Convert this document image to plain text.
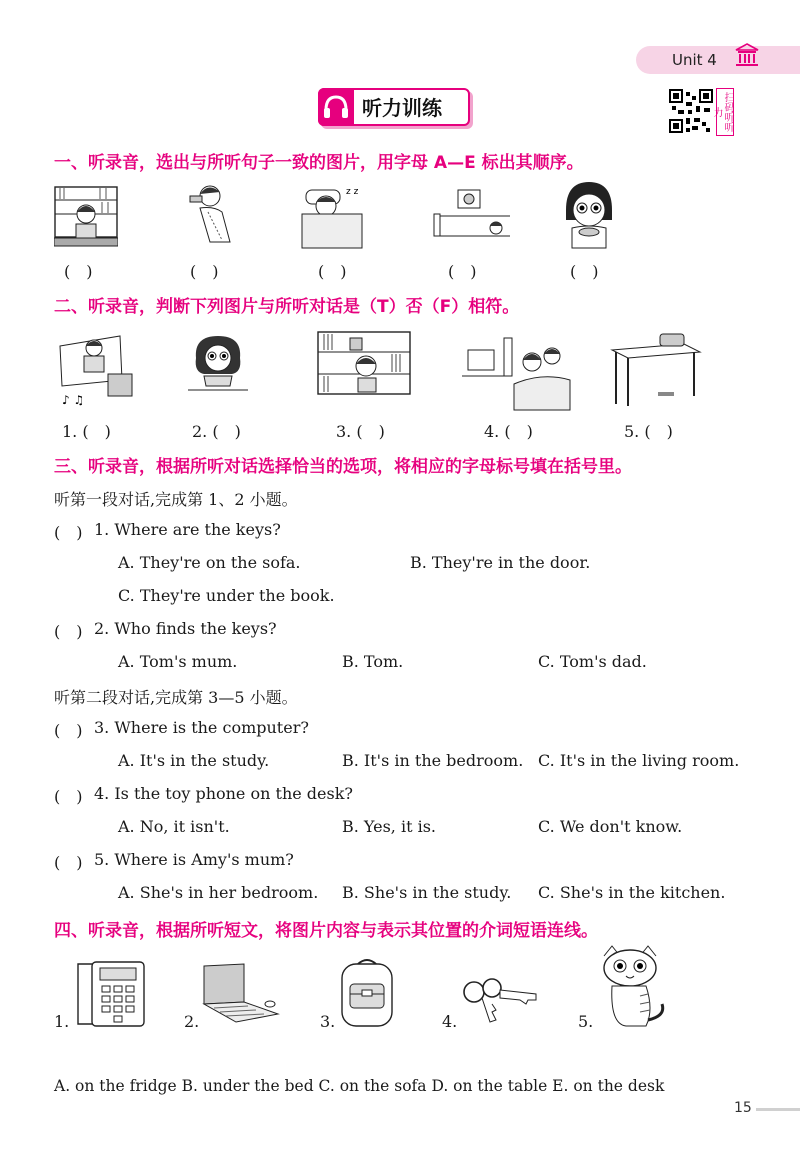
Unit 4
听力训练	扫码听听力
一、听录音，选出与所听句子一致的图片，用字母 A—E 标出其顺序。
z z
(　)	(　)	(　)	(　)	(　)
二、听录音，判断下列图片与所听对话是（T）否（F）相符。
♪ ♫
1. (　)	2. (　)	3. (　)	4. (　)	5. (　)
三、听录音，根据所听对话选择恰当的选项，将相应的字母标号填在括号里。
听第一段对话,完成第 1、2 小题。
(　) 1. Where are the keys?
A. They're on the sofa.	B. They're in the door.
C. They're under the book.
(　) 2. Who finds the keys?
A. Tom's mum.	B. Tom.	C. Tom's dad.
听第二段对话,完成第 3—5 小题。
(　) 3. Where is the computer?
A. It's in the study.	B. It's in the bedroom. C. It's in the living room.
(　) 4. Is the toy phone on the desk?
A. No, it isn't.	B. Yes, it is.	C. We don't know.
(　) 5. Where is Amy's mum?
A. She's in her bedroom. B. She's in the study. C. She's in the kitchen.
四、听录音，根据所听短文，将图片内容与表示其位置的介词短语连线。
1.	2.	3.	4.	5.
A. on the fridge B. under the bed C. on the sofa D. on the table E. on the desk
15
